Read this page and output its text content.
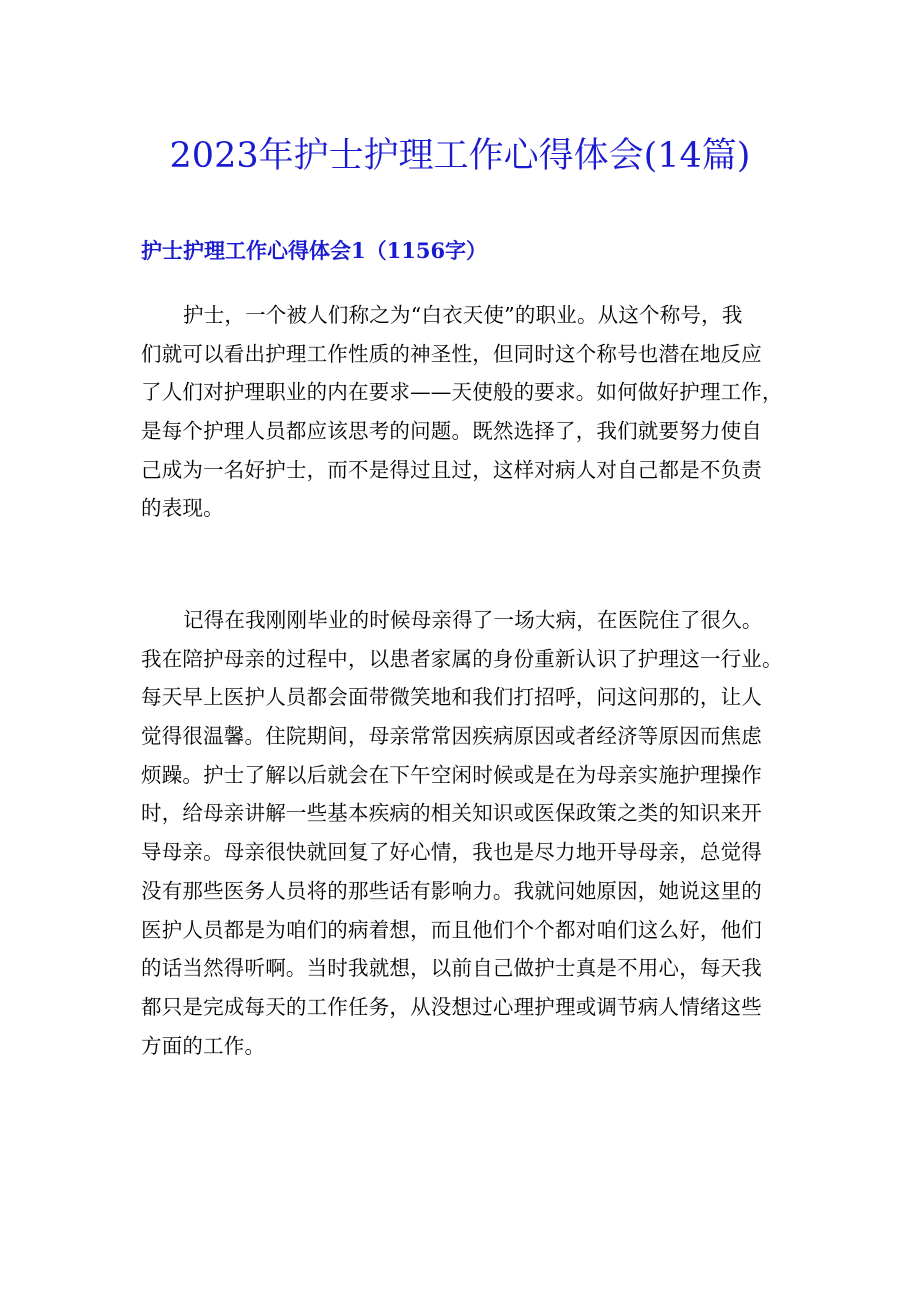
2023年护士护理工作心得体会(14篇)
护士护理工作心得体会1（1156字）
护士，一个被人们称之为“白衣天使”的职业。从这个称号，我
们就可以看出护理工作性质的神圣性，但同时这个称号也潜在地反应
了人们对护理职业的内在要求——天使般的要求。如何做好护理工作，
是每个护理人员都应该思考的问题。既然选择了，我们就要努力使自
己成为一名好护士，而不是得过且过，这样对病人对自己都是不负责
的表现。
记得在我刚刚毕业的时候母亲得了一场大病，在医院住了很久。
我在陪护母亲的过程中，以患者家属的身份重新认识了护理这一行业。
每天早上医护人员都会面带微笑地和我们打招呼，问这问那的，让人
觉得很温馨。住院期间，母亲常常因疾病原因或者经济等原因而焦虑
烦躁。护士了解以后就会在下午空闲时候或是在为母亲实施护理操作
时，给母亲讲解一些基本疾病的相关知识或医保政策之类的知识来开
导母亲。母亲很快就回复了好心情，我也是尽力地开导母亲，总觉得
没有那些医务人员将的那些话有影响力。我就问她原因，她说这里的
医护人员都是为咱们的病着想，而且他们个个都对咱们这么好，他们
的话当然得听啊。当时我就想，以前自己做护士真是不用心，每天我
都只是完成每天的工作任务，从没想过心理护理或调节病人情绪这些
方面的工作。
